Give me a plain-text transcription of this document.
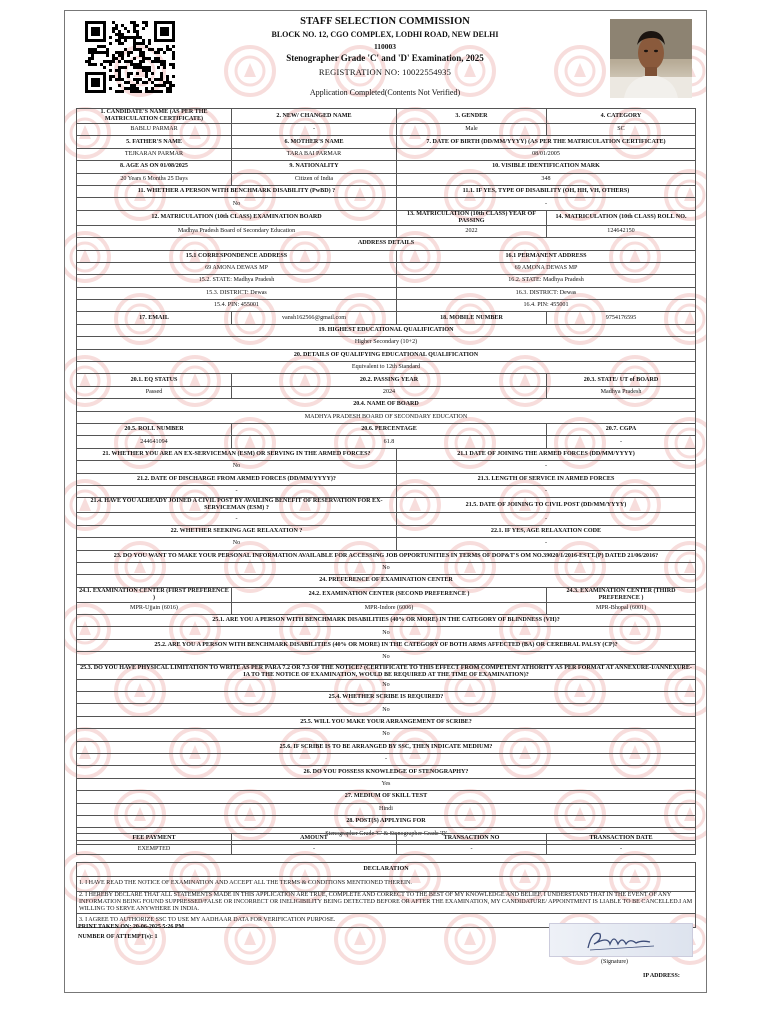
STAFF SELECTION COMMISSION
BLOCK NO. 12, CGO COMPLEX, LODHI ROAD, NEW DELHI
110003
Stenographer Grade 'C' and 'D' Examination, 2025
REGISTRATION NO: 10022554935
Application Completed(Contents Not Verified)
1. CANDIDATE'S NAME (AS PER THE MATRICULATION CERTIFICATE)	2. NEW/ CHANGED NAME	3. GENDER	4. CATEGORY
BABLU PARMAR	-	Male	SC
5. FATHER'S NAME	6. MOTHER'S NAME	7. DATE OF BIRTH (DD/MM/YYYY) (AS PER THE MATRICULATION CERTIFICATE)	
TEJKARAN PARMAR	TARA BAI PARMAR	08/01/2005	
8. AGE AS ON 01/08/2025	9. NATIONALITY	10. VISIBLE IDENTIFICATION MARK	
20 Years 6 Months 25 Days	Citizen of India	348	
11. WHETHER A PERSON WITH BENCHMARK DISABILITY (PwBD) ?		11.1. IF YES, TYPE OF DISABILITY (OH, HH, VH, OTHERS)	
No		-	
12. MATRICULATION (10th CLASS) EXAMINATION BOARD		13. MATRICULATION (10th CLASS) YEAR OF PASSING	14. MATRICULATION (10th CLASS) ROLL NO.
Madhya Pradesh Board of Secondary Education		2022	124642150
ADDRESS DETAILS			
15.1 CORRESPONDENCE ADDRESS		16.1 PERMANENT ADDRESS	
69 AMONA DEWAS MP		69 AMONA DEWAS MP	
15.2. STATE: Madhya Pradesh		16.2. STATE: Madhya Pradesh	
15.3. DISTRICT: Dewas		16.3. DISTRICT: Dewas	
15.4. PIN: 455001		16.4. PIN: 455001	
17. EMAIL	vansh162566@gmail.com	18. MOBILE NUMBER	9754176595
19. HIGHEST EDUCATIONAL QUALIFICATION			
Higher Secondary (10+2)			
20. DETAILS OF QUALIFYING EDUCATIONAL QUALIFICATION			
Equivalent to 12th Standard			
20.1. EQ STATUS	20.2. PASSING YEAR		20.3. STATE/ UT of BOARD
Passed	2024		Madhya Pradesh
20.4. NAME OF BOARD			
MADHYA PRADESH BOARD OF SECONDARY EDUCATION			
20.5. ROLL NUMBER	20.6. PERCENTAGE		20.7. CGPA
244641094	61.8		-
21. WHETHER YOU ARE AN EX-SERVICEMAN (ESM) OR SERVING IN THE ARMED FORCES?		21.1 DATE OF JOINING THE ARMED FORCES (DD/MM/YYYY)	
No		-	
21.2. DATE OF DISCHARGE FROM ARMED FORCES (DD/MM/YYYY)?		21.3. LENGTH OF SERVICE IN ARMED FORCES	
-		-	
21.4. HAVE YOU ALREADY JOINED A CIVIL POST BY AVAILING BENEFIT OF RESERVATION FOR EX-SERVICEMAN (ESM) ?		21.5. DATE OF JOINING TO CIVIL POST (DD/MM/YYYY)	
-		-	
22. WHETHER SEEKING AGE RELAXATION ?		22.1. IF YES, AGE RELAXATION CODE	
No		-	
23. DO YOU WANT TO MAKE YOUR PERSONAL INFORMATION AVAILABLE FOR ACCESSING JOB OPPORTUNITIES IN TERMS OF DOP&T'S OM NO.39020/1/2016-ESTT.(P) DATED 21/06/2016?			
No			
24. PREFERENCE OF EXAMINATION CENTER			
24.1. EXAMINATION CENTER (FIRST PREFERENCE )	24.2. EXAMINATION CENTER (SECOND PREFERENCE )		24.3. EXAMINATION CENTER (THIRD PREFERENCE )
MPR-Ujjain (6016)	MPR-Indore (6006)		MPR-Bhopal (6001)
25.1. ARE YOU A PERSON WITH BENCHMARK DISABILITIES (40% OR MORE) IN THE CATEGORY OF BLINDNESS (VH)?			
No			
25.2. ARE YOU A PERSON WITH BENCHMARK DISABILITIES (40% OR MORE) IN THE CATEGORY OF BOTH ARMS AFFECTED (BA) OR CEREBRAL PALSY (CP)?			
No			
25.3. DO YOU HAVE PHYSICAL LIMITATION TO WRITE AS PER PARA 7.2 OR 7.3 OF THE NOTICE? (CERTIFICATE TO THIS EFFECT FROM COMPETENT ATHORITY AS PER FORMAT AT ANNEXURE-I/ANNEXURE-IA TO THE NOTICE OF EXAMINATION, WOULD BE REQUIRED AT THE TIME OF EXAMINATION)?			
No			
25.4. WHETHER SCRIBE IS REQUIRED?			
No			
25.5. WILL YOU MAKE YOUR ARRANGEMENT OF SCRIBE?			
No			
25.6. IF SCRIBE IS TO BE ARRANGED BY SSC, THEN INDICATE MEDIUM?			
-			
26. DO YOU POSSESS KNOWLEDGE OF STENOGRAPHY?			
Yes			
27. MEDIUM OF SKILL TEST			
Hindi			
28. POST(S) APPLYING FOR			
Stenographer Grade 'C' & Stenographer Grade 'D'			
FEE PAYMENT	AMOUNT	TRANSACTION NO	TRANSACTION DATE
EXEMPTED	-	-	-
DECLARATION
1. I HAVE READ THE NOTICE OF EXAMINATION AND ACCEPT ALL THE TERMS & CONDITIONS MENTIONED THEREIN.
2. I HEREBY DECLARE THAT ALL STATEMENTS MADE IN THIS APPLICATION ARE TRUE, COMPLETE AND CORRECT TO THE BEST OF MY KNOWLEDGE AND BELIEF. I UNDERSTAND THAT IN THE EVENT OF ANY INFORMATION BEING FOUND SUPPRESSED/FALSE OR INCORRECT OR INELIGIBILITY BEING DETECTED BEFORE OR AFTER THE EXAMINATION, MY CANDIDATURE/ APPOINTMENT IS LIABLE TO BE CANCELLED.I AM WILLING TO SERVE ANYWHERE IN INDIA.
3. I AGREE TO AUTHORIZE SSC TO USE MY AADHAAR DATA FOR VERIFICATION PURPOSE.
PRINT TAKEN ON: 20-06-2025 5:26 PM
NUMBER OF ATTEMPT(s): 1
(Signature)
IP ADDRESS:
